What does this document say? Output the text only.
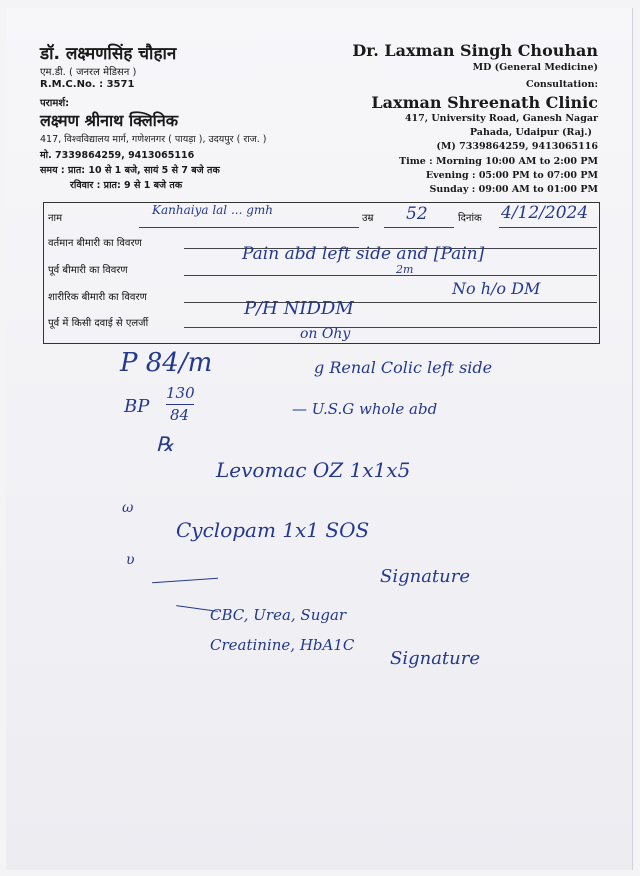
डॉ. लक्ष्मणसिंह चौहान
एम.डी. ( जनरल मेडिसन )
R.M.C.No. : 3571
परामर्श:
लक्ष्मण श्रीनाथ क्लिनिक
417, विश्वविद्यालय मार्ग, गणेशनगर ( पायड़ा ), उदयपुर ( राज. )
मो. 7339864259, 9413065116
समय : प्रात: 10 से 1 बजे, सायं 5 से 7 बजे तक
रविवार : प्रात: 9 से 1 बजे तक
Dr. Laxman Singh Chouhan
MD (General Medicine)
Consultation:
Laxman Shreenath Clinic
417, University Road, Ganesh Nagar
Pahada, Udaipur (Raj.)
(M) 7339864259, 9413065116
Time : Morning 10:00 AM to 2:00 PM
Evening : 05:00 PM to 07:00 PM
Sunday : 09:00 AM to 01:00 PM
नाम
Kanhaiya lal ... gmh
उम्र 52	दिनांक 4/12/2024
वर्तमान बीमारी का विवरण
पूर्व बीमारी का विवरण
Pain abd left side and [Pain]
2m
शारीरिक बीमारी का विवरण	No h/o DM
पूर्व में किसी दवाई से एलर्जी
P/H NIDDM
on Ohy
P 84/m
BP
130
84
g Renal Colic left side
— U.S.G whole abd
℞
Levomac OZ 1x1x5
Cyclopam 1x1 SOS
Signature
CBC, Urea, Sugar
Creatinine, HbA1C
Signature
ω
υ
